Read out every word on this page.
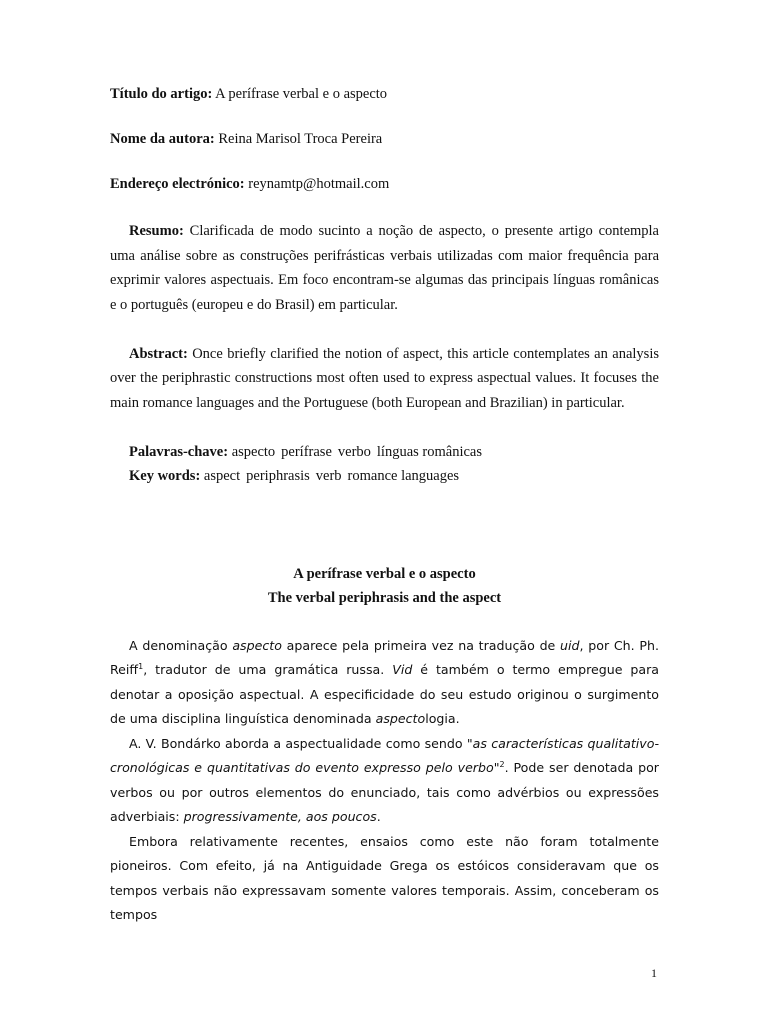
Título do artigo: A perífrase verbal e o aspecto

Nome da autora: Reina Marisol Troca Pereira

Endereço electrónico: reynamtp@hotmail.com

Resumo: Clarificada de modo sucinto a noção de aspecto, o presente artigo contempla uma análise sobre as construções perifrásticas verbais utilizadas com maior frequência para exprimir valores aspectuais. Em foco encontram-se algumas das principais línguas românicas e o português (europeu e do Brasil) em particular.

Abstract: Once briefly clarified the notion of aspect, this article contemplates an analysis over the periphrastic constructions most often used to express aspectual values. It focuses the main romance languages and the Portuguese (both European and Brazilian) in particular.

Palavras-chave: aspecto perífrase verbo línguas românicas

Key words: aspect periphrasis verb romance languages

A perífrase verbal e o aspecto

The verbal periphrasis and the aspect

A denominação aspecto aparece pela primeira vez na tradução de uid, por Ch. Ph. Reiff$^1$, tradutor de uma gramática russa. Vid é também o termo empregue para denotar a oposição aspectual. A especificidade do seu estudo originou o surgimento de uma disciplina linguística denominada aspectologia.

A. V. Bondárko aborda a aspectualidade como sendo "as características qualitativo-cronológicas e quantitativas do evento expresso pelo verbo"$^2$. Pode ser denotada por verbos ou por outros elementos do enunciado, tais como advérbios ou expressões adverbiais: progressivamente, aos poucos.

Embora relativamente recentes, ensaios como este não foram totalmente pioneiros. Com efeito, já na Antiguidade Grega os estóicos consideravam que os tempos verbais não expressavam somente valores temporais. Assim, conceberam os tempos

1
